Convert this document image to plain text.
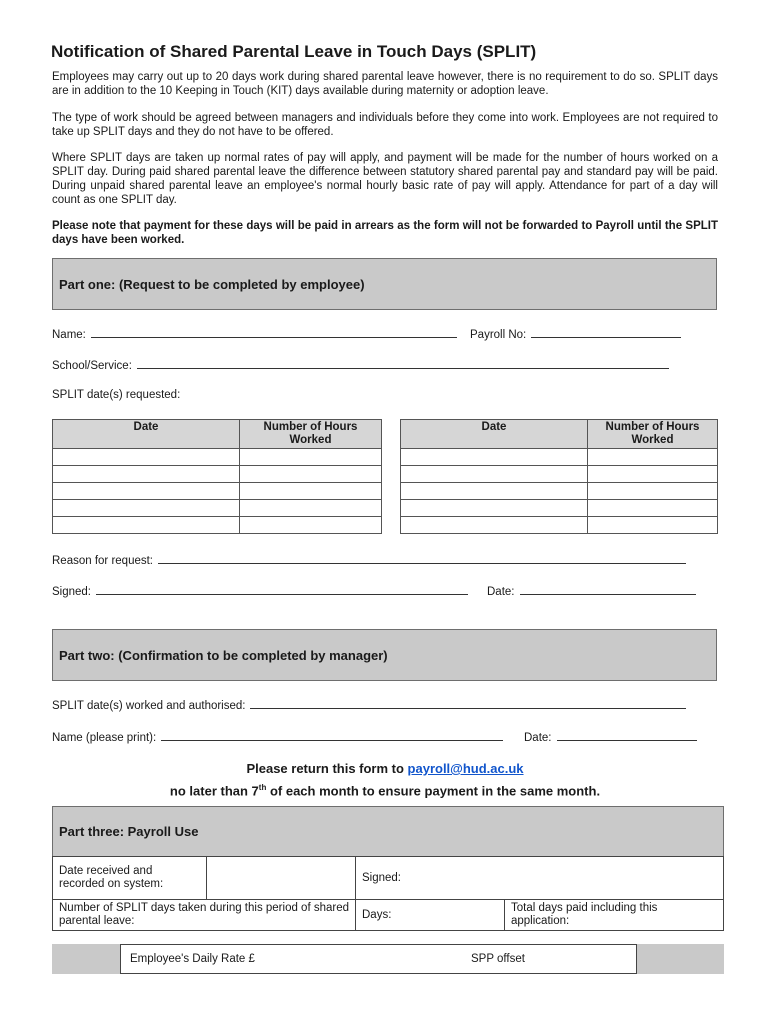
Notification of Shared Parental Leave in Touch Days (SPLIT)

Employees may carry out up to 20 days work during shared parental leave however, there is no requirement to do so. SPLIT days are in addition to the 10 Keeping in Touch (KIT) days available during maternity or adoption leave.

The type of work should be agreed between managers and individuals before they come into work. Employees are not required to take up SPLIT days and they do not have to be offered.

Where SPLIT days are taken up normal rates of pay will apply, and payment will be made for the number of hours worked on a SPLIT day. During paid shared parental leave the difference between statutory shared parental pay and standard pay will be paid. During unpaid shared parental leave an employee's normal hourly basic rate of pay will apply. Attendance for part of a day will count as one SPLIT day.

Please note that payment for these days will be paid in arrears as the form will not be forwarded to Payroll until the SPLIT days have been worked.

Part one: (Request to be completed by employee)
Name:	Payroll No:
School/Service:
SPLIT date(s) requested:
Date	Number of Hours
Worked

Date	Number of Hours
Worked

Reason for request:
Signed:	Date:
Part two: (Confirmation to be completed by manager)
SPLIT date(s) worked and authorised:
Name (please print):	Date:
Please return this form to payroll@hud.ac.uk
no later than 7th of each month to ensure payment in the same month.
Part three: Payroll Use
Date received and recorded on system:		Signed:	
Number of SPLIT days taken during this period of shared parental leave:		Days:	Total days paid including this application:
Employee's Daily Rate £	SPP offset
